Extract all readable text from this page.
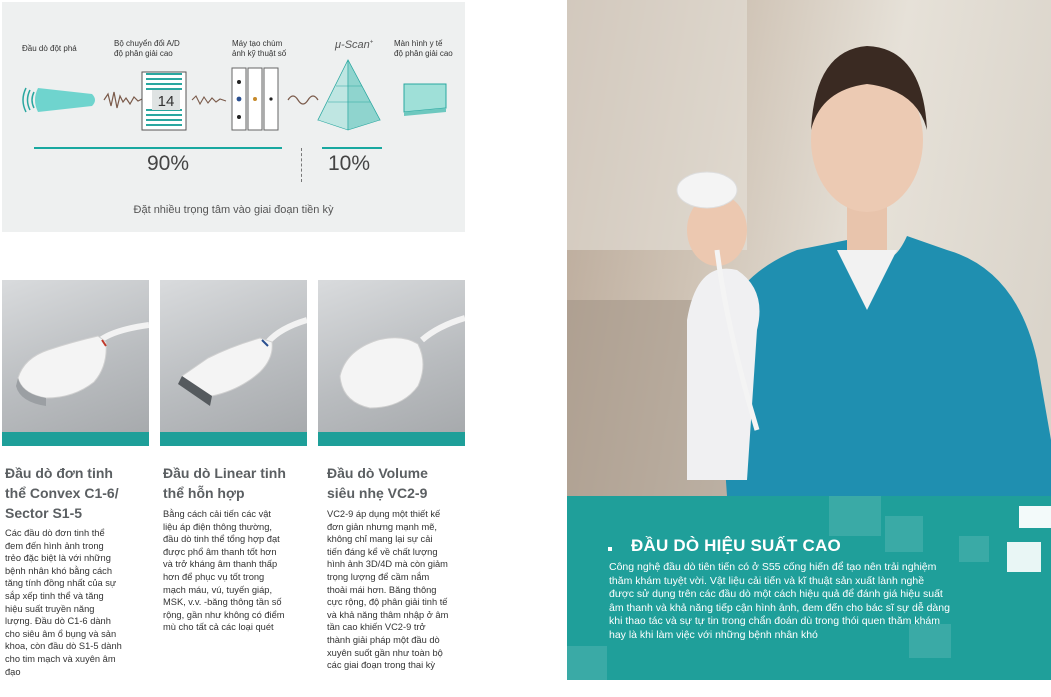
Đầu dò đột phá
Bộ chuyển đổi A/D
độ phân giải cao
Máy tạo chùm
ảnh kỹ thuật số
μ-Scan+	Màn hình y tế
độ phân giải cao
14
90%	10%
Đặt nhiều trọng tâm vào giai đoạn tiền kỳ
Đầu dò đơn tinh
thể Convex C1-6/
Sector S1-5
Các đầu dò đơn tinh thể
đem đến hình ảnh trong
trẻo đặc biệt là với những
bệnh nhân khó bằng cách
tăng tính đồng nhất của sự
sắp xếp tinh thể và tăng
hiệu suất truyền năng
lượng. Đầu dò C1-6 dành
cho siêu âm ổ bụng và sản
khoa, còn đầu dò S1-5 dành
cho tim mạch và xuyên âm
đạo
Đầu dò Linear tinh
thể hỗn hợp
Bằng cách cải tiến các vật
liệu áp điện thông thường,
đầu dò tinh thể tổng hợp đạt
được phổ âm thanh tốt hơn
và trở kháng âm thanh thấp
hơn để phục vụ tốt trong
mạch máu, vú, tuyến giáp,
MSK, v.v. -băng thông tần số
rộng, gần như không có điểm
mù cho tất cả các loại quét
Đầu dò Volume
siêu nhẹ VC2-9
VC2-9 áp dụng một thiết kế
đơn giản nhưng mạnh mẽ,
không chỉ mang lại sự cải
tiến đáng kể về chất lượng
hình ảnh 3D/4D mà còn giảm
trọng lượng để cầm nắm
thoải mái hơn. Băng thông
cực rộng, độ phân giải tinh tế
và khả năng thâm nhập ở âm
tần cao khiến VC2-9 trở
thành giải pháp một đầu dò
xuyên suốt gần như toàn bộ
các giai đoạn trong thai kỳ
ĐẦU DÒ HIỆU SUẤT CAO
Công nghệ đầu dò tiên tiến có ở S55 cống hiến để tạo nên trải nghiệm
thăm khám tuyệt vời. Vật liệu cải tiến và kĩ thuật sản xuất lành nghề
được sử dụng trên các đầu dò một cách hiệu quả để đánh giá hiệu suất
âm thanh và khả năng tiếp cận hình ảnh, đem đến cho bác sĩ sự dễ dàng
khi thao tác và sự tự tin trong chẩn đoán dù trong thói quen thăm khám
hay là khi làm việc với những bệnh nhân khó
